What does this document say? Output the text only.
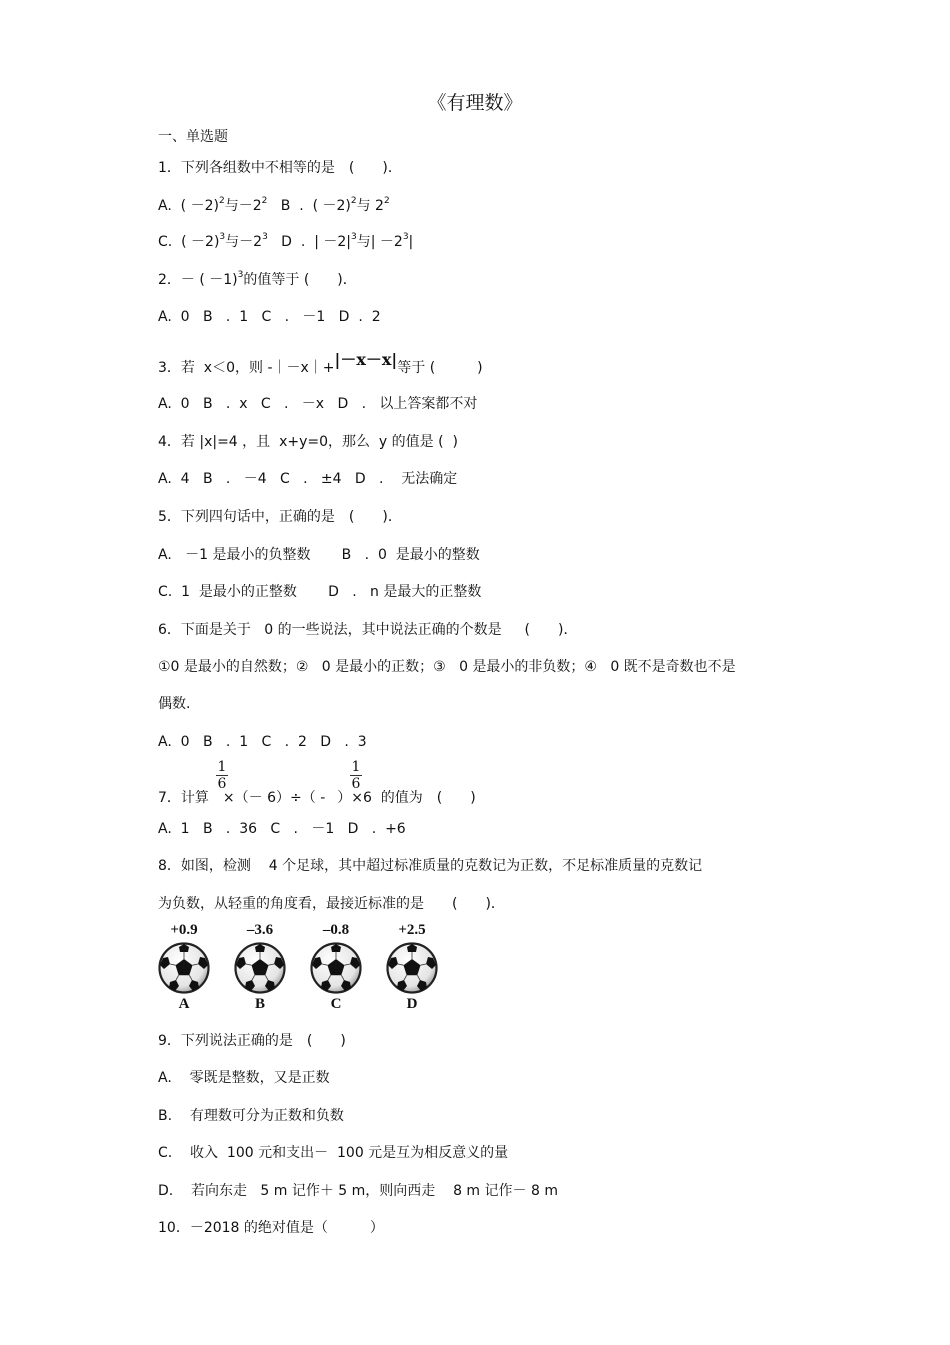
《有理数》
一、单选题
1．下列各组数中不相等的是　(　　)．
A.  ( －2)$^2$与$-2^2$   B  .  ( －2)$^2$与 $2^2$
C.  ( －2)$^3$与$-2^3$   D  .  | $-2|^3$与| $-2^3|$
2．－ ( －1)$^3$的值等于 (　　)．
A.  0   B   .  1   C   .   －1   D  .  2
3．若  x＜0，则 -｜－x｜+|－x－x|等于 (　　　)
A.  0   B   .  x   C   .   －x   D   .   以上答案都不对
4．若 |x|=4 ，且  x+y=0，那么  y 的值是 (  )
A.  4   B   .   －4   C   .   ±4   D   .    无法确定
5．下列四句话中，正确的是　(　　)．
A.   －1 是最小的负整数       B   .  0  是最小的整数
C.  1  是最小的正整数       D   .   n 是最大的正整数
6．下面是关于   0 的一些说法，其中说法正确的个数是　  (　　)．
①0 是最小的自然数；②   0 是最小的正数；③   0 是最小的非负数；④   0 既不是奇数也不是
偶数.
A.  0   B   .  1   C   .  2   D   .  3
1
6
1
6
7．计算 ×（－ 6）÷（ - ）×6  的值为　(　　)
A.  1   B   .  36   C   .   －1   D   .  +6
8．如图，检测    4 个足球，其中超过标准质量的克数记为正数，不足标准质量的克数记
为负数，从轻重的角度看，最接近标准的是　　(　　)．
+0.9
A
–3.6
B
–0.8
C
+2.5
D
9．下列说法正确的是　(　　)
A.    零既是整数，又是正数
B.    有理数可分为正数和负数
C.    收入  100 元和支出－  100 元是互为相反意义的量
D.    若向东走   5 m 记作＋ 5 m，则向西走    8 m 记作－ 8 m
10．－2018 的绝对值是（　　　）
